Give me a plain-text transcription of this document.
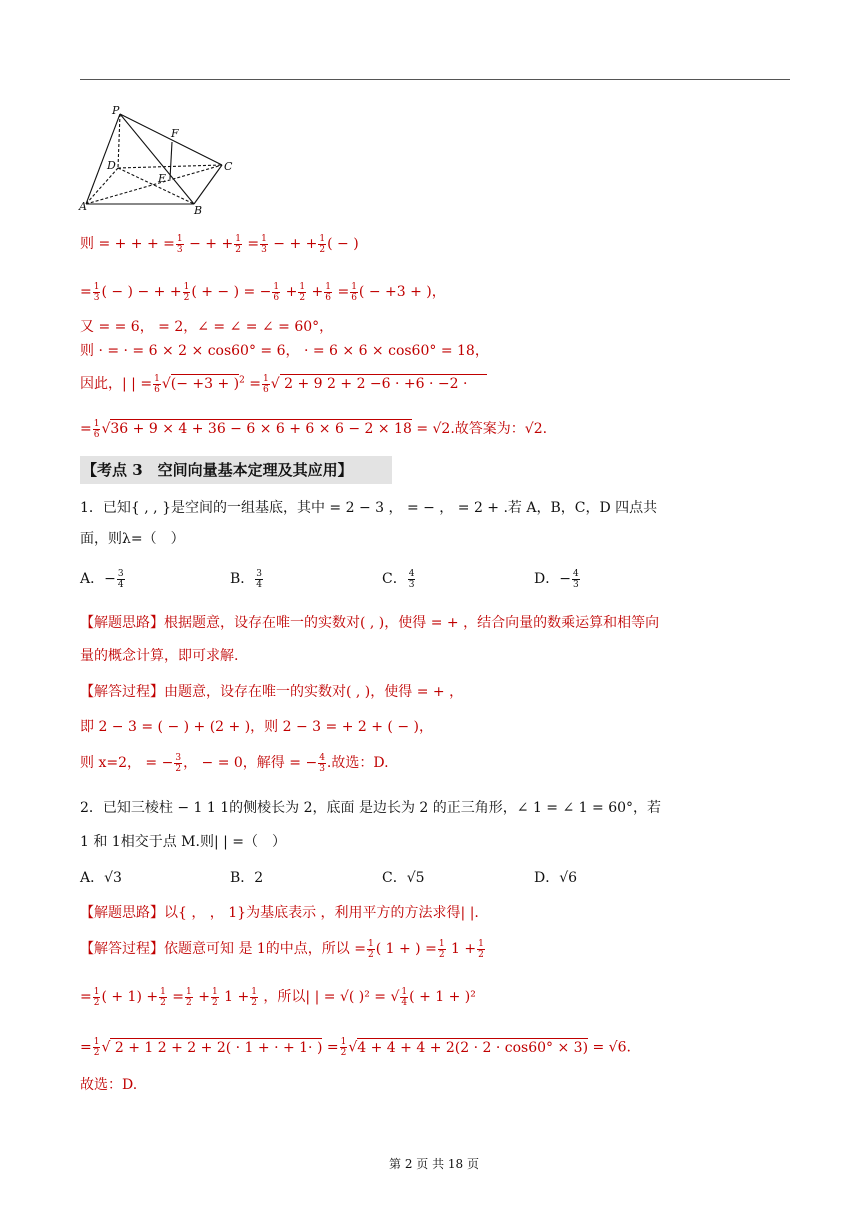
P
F
D
E
C
A	B
则 = + + + = $\frac{1}{3}$ − + + $\frac{1}{2} = \frac{1}{3}$ − + + $\frac{1}{2}$ ( − )
= $\frac{1}{3}$ ( − ) − + + $\frac{1}{2}$ ( + − ) = − $\frac{1}{6} + \frac{1}{2} + \frac{1}{6} = \frac{1}{6}$ ( − +3 + )，
又 = = 6， = 2，∠ = ∠ = ∠ = 60°，
则 · = · = 6 × 2 × cos60° = 6， · = 6 × 6 × cos60° = 18，
因此，| | = $\frac{1}{6}$ √(− $+3 + )^2 = \frac{1}{6}$ √ 2 + 9 2 + 2 −6 · +6 · −2 ·
= $\frac{1}{6} √36 + 9 \times 4 + 36 - 6 \times 6 + 6 \times 6 - 2 \times 18 = √2$.故答案为：√2.
【考点 3　空间向量基本定理及其应用】
1．已知{ , , }是空间的一组基底，其中 = 2 − 3 ， = − ， = 2 + .若 A，B，C，D 四点共
面，则λ=（　）
A．− $\frac{3}{4}$	B． $\frac{3}{4}$	C． $\frac{4}{3}$	D．− $\frac{4}{3}$
【解题思路】根据题意，设存在唯一的实数对( , )，使得 = + ，结合向量的数乘运算和相等向
量的概念计算，即可求解.
【解答过程】由题意，设存在唯一的实数对( , )，使得 = + ，
即 2 − 3 = ( − ) + (2 + )，则 2 − 3 = + 2 + ( − )，
则 x=2， = − $\frac{3}{2}$ ， − = 0，解得 = − $\frac{4}{3}$ .故选：D.
2．已知三棱柱 − 1 1 1的侧棱长为 2，底面 是边长为 2 的正三角形，∠ 1 = ∠ 1 = 60°，若
1 和 1相交于点 M.则| | =（　）
A．√3	B．2	C．√5	D．√6
【解题思路】以{ ， ， 1}为基底表示 ，利用平方的方法求得| |.
【解答过程】依题意可知 是 1的中点，所以 = $\frac{1}{2}$ ( 1 + ) = $\frac{1}{2} 1 + \frac{1}{2}$
= $\frac{1}{2}$ ( + $1) + \frac{1}{2} = \frac{1}{2} + \frac{1}{2} 1 + \frac{1}{2}$ ，所以| | = √( )² = √ $\frac{1}{4}$ ( + 1 + )²
= $\frac{1}{2}$ √ 2 + 1 2 + 2 + 2( · 1 + · + 1· ) = $\frac{1}{2} √4 + 4 + 4 + 2(2 \cdot 2 \cdot \cos 60^\circ \times 3) = √6$.
故选：D.
第 2 页 共 18 页
